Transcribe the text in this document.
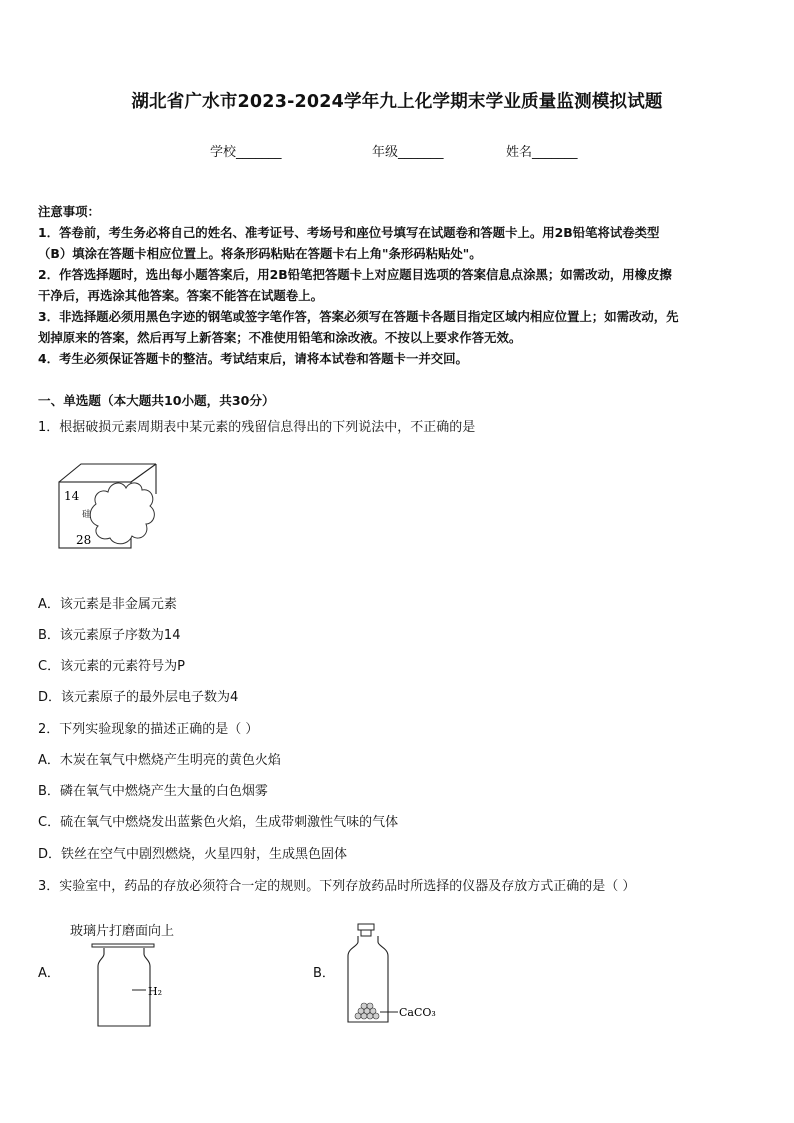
湖北省广水市2023-2024学年九上化学期末学业质量监测模拟试题
学校_______	年级_______	姓名_______
注意事项：
1．答卷前，考生务必将自己的姓名、准考证号、考场号和座位号填写在试题卷和答题卡上。用2B铅笔将试卷类型
（B）填涂在答题卡相应位置上。将条形码粘贴在答题卡右上角"条形码粘贴处"。
2．作答选择题时，选出每小题答案后，用2B铅笔把答题卡上对应题目选项的答案信息点涂黑；如需改动，用橡皮擦
干净后，再选涂其他答案。答案不能答在试题卷上。
3．非选择题必须用黑色字迹的钢笔或签字笔作答，答案必须写在答题卡各题目指定区域内相应位置上；如需改动，先
划掉原来的答案，然后再写上新答案；不准使用铅笔和涂改液。不按以上要求作答无效。
4．考生必须保证答题卡的整洁。考试结束后，请将本试卷和答题卡一并交回。
一、单选题（本大题共10小题，共30分）
1．根据破损元素周期表中某元素的残留信息得出的下列说法中，不正确的是
14
硅
28
A．该元素是非金属元素
B．该元素原子序数为14
C．该元素的元素符号为P
D．该元素原子的最外层电子数为4
2．下列实验现象的描述正确的是（ ）
A．木炭在氧气中燃烧产生明亮的黄色火焰
B．磷在氧气中燃烧产生大量的白色烟雾
C．硫在氧气中燃烧发出蓝紫色火焰，生成带刺激性气味的气体
D．铁丝在空气中剧烈燃烧，火星四射，生成黑色固体
3．实验室中，药品的存放必须符合一定的规则。下列存放药品时所选择的仪器及存放方式正确的是（ ）
玻璃片打磨面向上
A．
H₂
B．
CaCO₃
